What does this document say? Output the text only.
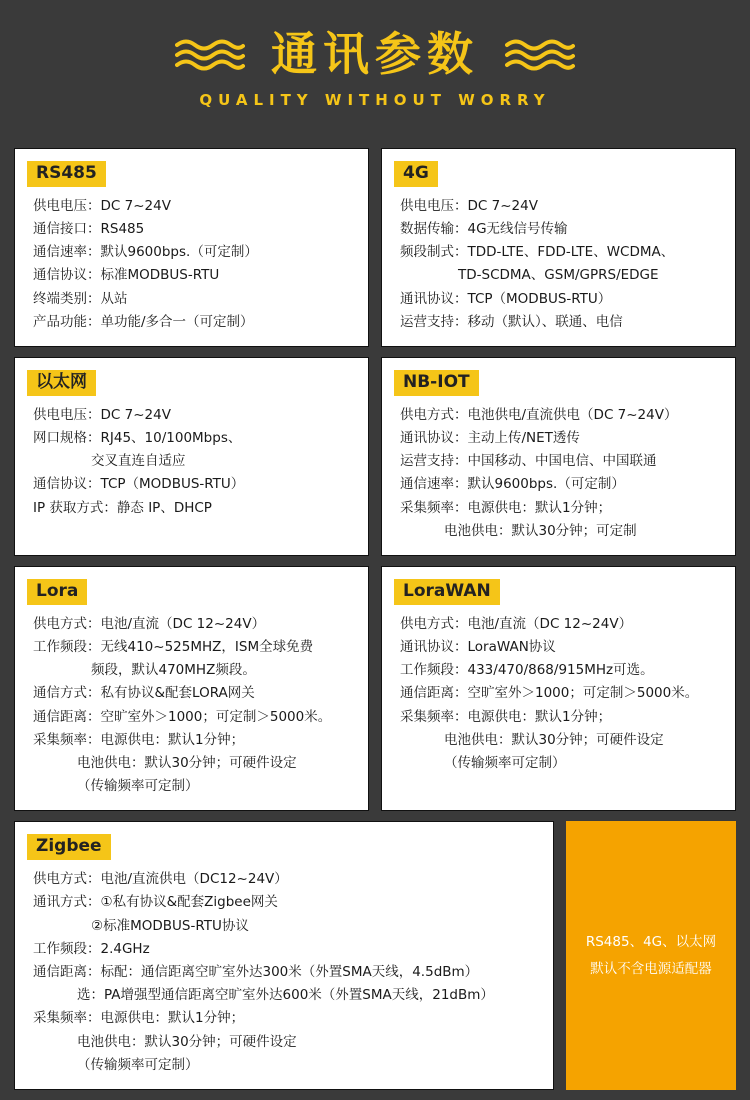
通讯参数
QUALITY WITHOUT WORRY
RS485
供电电压：DC 7~24V
通信接口：RS485
通信速率：默认9600bps.（可定制）
通信协议：标准MODBUS-RTU
终端类别：从站
产品功能：单功能/多合一（可定制）
4G
供电电压：DC 7~24V
数据传输：4G无线信号传输
频段制式：TDD-LTE、FDD-LTE、WCDMA、
TD-SCDMA、GSM/GPRS/EDGE
通讯协议：TCP（MODBUS-RTU）
运营支持：移动（默认）、联通、电信
以太网
供电电压：DC 7~24V
网口规格：RJ45、10/100Mbps、
交叉直连自适应
通信协议：TCP（MODBUS-RTU）
IP 获取方式：静态 IP、DHCP
NB-IOT
供电方式：电池供电/直流供电（DC 7~24V）
通讯协议：主动上传/NET透传
运营支持：中国移动、中国电信、中国联通
通信速率：默认9600bps.（可定制）
采集频率：电源供电：默认1分钟；
电池供电：默认30分钟；可定制
Lora
供电方式：电池/直流（DC 12~24V）
工作频段：无线410~525MHZ，ISM全球免费
频段，默认470MHZ频段。
通信方式：私有协议&配套LORA网关
通信距离：空旷室外＞1000；可定制＞5000米。
采集频率：电源供电：默认1分钟；
电池供电：默认30分钟；可硬件设定
（传输频率可定制）
LoraWAN
供电方式：电池/直流（DC 12~24V）
通讯协议：LoraWAN协议
工作频段：433/470/868/915MHz可选。
通信距离：空旷室外＞1000；可定制＞5000米。
采集频率：电源供电：默认1分钟；
电池供电：默认30分钟；可硬件设定
（传输频率可定制）
Zigbee
供电方式：电池/直流供电（DC12~24V）
通讯方式：①私有协议&配套Zigbee网关
②标准MODBUS-RTU协议
工作频段：2.4GHz
通信距离：标配：通信距离空旷室外达300米（外置SMA天线，4.5dBm）
选：PA增强型通信距离空旷室外达600米（外置SMA天线，21dBm）
采集频率：电源供电：默认1分钟；
电池供电：默认30分钟；可硬件设定
（传输频率可定制）
RS485、4G、以太网
默认不含电源适配器
